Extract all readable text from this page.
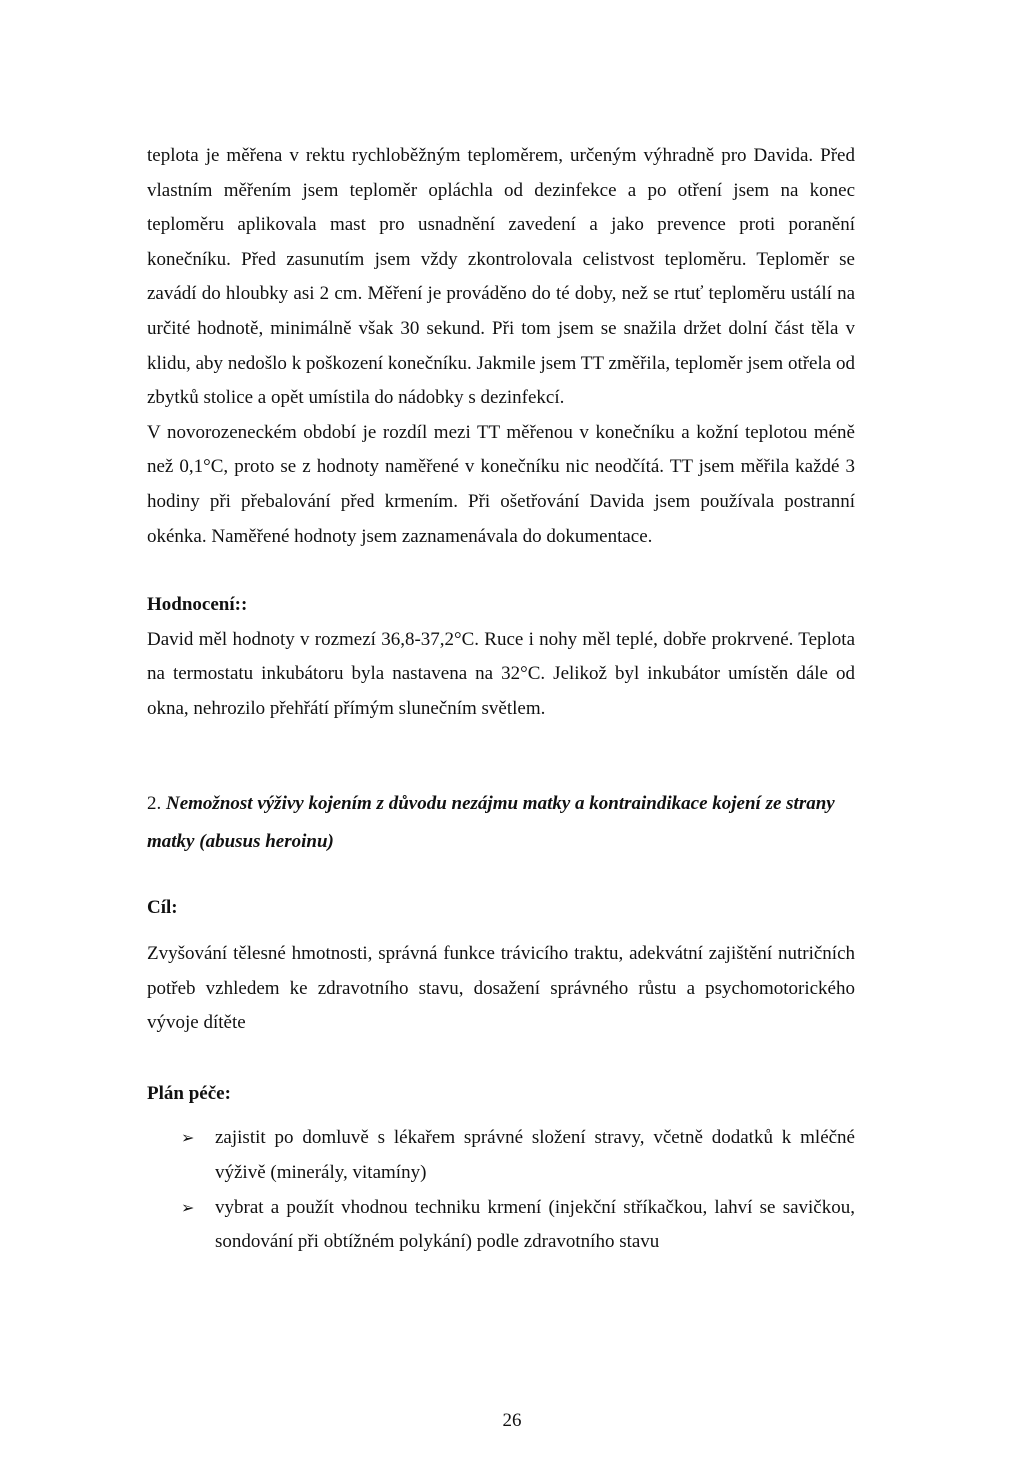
teplota je měřena v rektu rychloběžným teploměrem, určeným výhradně pro Davida. Před vlastním měřením jsem teploměr opláchla od dezinfekce a po otření jsem na konec teploměru aplikovala mast pro usnadnění zavedení a jako prevence proti poranění konečníku. Před zasunutím jsem vždy zkontrolovala celistvost teploměru. Teploměr se zavádí do hloubky asi 2 cm. Měření je prováděno do té doby, než se rtuť teploměru ustálí na určité hodnotě, minimálně však 30 sekund. Při tom jsem se snažila držet dolní část těla v klidu, aby nedošlo k poškození konečníku. Jakmile jsem TT změřila, teploměr jsem otřela od zbytků stolice a opět umístila do nádobky s dezinfekcí.

V novorozeneckém období je rozdíl mezi TT měřenou v konečníku a kožní teplotou méně než 0,1°C, proto se z hodnoty naměřené v konečníku nic neodčítá. TT jsem měřila každé 3 hodiny při přebalování před krmením. Při ošetřování Davida jsem používala postranní okénka. Naměřené hodnoty jsem zaznamenávala do dokumentace.

Hodnocení::

David měl hodnoty v rozmezí 36,8-37,2°C. Ruce i nohy měl teplé, dobře prokrvené. Teplota na termostatu inkubátoru byla nastavena na 32°C. Jelikož byl inkubátor umístěn dále od okna, nehrozilo přehřátí přímým slunečním světlem.

2. Nemožnost výživy kojením z důvodu nezájmu matky a kontraindikace kojení ze strany matky (abusus heroinu)

Cíl:

Zvyšování tělesné hmotnosti, správná funkce trávicího traktu, adekvátní zajištění nutričních potřeb vzhledem ke zdravotního stavu, dosažení správného růstu a psychomotorického vývoje dítěte

Plán péče:

➢ zajistit po domluvě s lékařem správné složení stravy, včetně dodatků k mléčné výživě (minerály, vitamíny)
➢ vybrat a použít vhodnou techniku krmení (injekční stříkačkou, lahví se savičkou, sondování při obtížném polykání) podle zdravotního stavu
26
